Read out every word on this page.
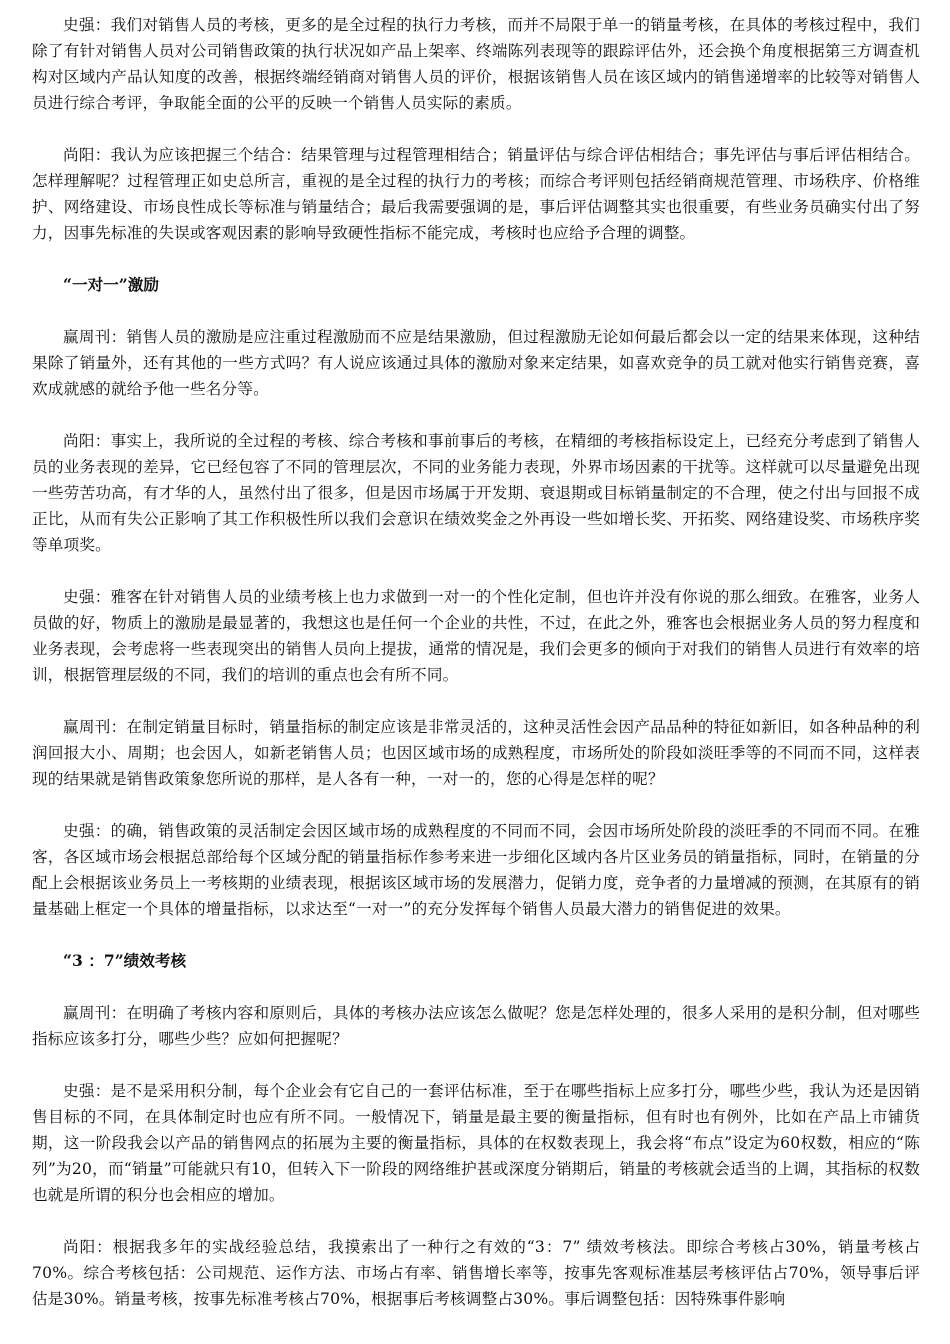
史强：我们对销售人员的考核，更多的是全过程的执行力考核，而并不局限于单一的销量考核，在具体的考核过程中，我们除了有针对销售人员对公司销售政策的执行状况如产品上架率、终端陈列表现等的跟踪评估外，还会换个角度根据第三方调查机构对区域内产品认知度的改善，根据终端经销商对销售人员的评价，根据该销售人员在该区域内的销售递增率的比较等对销售人员进行综合考评，争取能全面的公平的反映一个销售人员实际的素质。

尚阳：我认为应该把握三个结合：结果管理与过程管理相结合；销量评估与综合评估相结合；事先评估与事后评估相结合。怎样理解呢？过程管理正如史总所言，重视的是全过程的执行力的考核；而综合考评则包括经销商规范管理、市场秩序、价格维护、网络建设、市场良性成长等标准与销量结合；最后我需要强调的是，事后评估调整其实也很重要，有些业务员确实付出了努力，因事先标准的失误或客观因素的影响导致硬性指标不能完成，考核时也应给予合理的调整。

“一对一”激励

赢周刊：销售人员的激励是应注重过程激励而不应是结果激励，但过程激励无论如何最后都会以一定的结果来体现，这种结果除了销量外，还有其他的一些方式吗？有人说应该通过具体的激励对象来定结果，如喜欢竞争的员工就对他实行销售竞赛，喜欢成就感的就给予他一些名分等。

尚阳：事实上，我所说的全过程的考核、综合考核和事前事后的考核，在精细的考核指标设定上，已经充分考虑到了销售人员的业务表现的差异，它已经包容了不同的管理层次，不同的业务能力表现，外界市场因素的干扰等。这样就可以尽量避免出现一些劳苦功高，有才华的人，虽然付出了很多，但是因市场属于开发期、衰退期或目标销量制定的不合理，使之付出与回报不成正比，从而有失公正影响了其工作积极性所以我们会意识在绩效奖金之外再设一些如增长奖、开拓奖、网络建设奖、市场秩序奖等单项奖。

史强：雅客在针对销售人员的业绩考核上也力求做到一对一的个性化定制，但也许并没有你说的那么细致。在雅客，业务人员做的好，物质上的激励是最显著的，我想这也是任何一个企业的共性，不过，在此之外，雅客也会根据业务人员的努力程度和业务表现，会考虑将一些表现突出的销售人员向上提拔，通常的情况是，我们会更多的倾向于对我们的销售人员进行有效率的培训，根据管理层级的不同，我们的培训的重点也会有所不同。

赢周刊：在制定销量目标时，销量指标的制定应该是非常灵活的，这种灵活性会因产品品种的特征如新旧，如各种品种的利润回报大小、周期；也会因人，如新老销售人员；也因区域市场的成熟程度，市场所处的阶段如淡旺季等的不同而不同，这样表现的结果就是销售政策象您所说的那样，是人各有一种，一对一的，您的心得是怎样的呢？

史强：的确，销售政策的灵活制定会因区域市场的成熟程度的不同而不同，会因市场所处阶段的淡旺季的不同而不同。在雅客，各区域市场会根据总部给每个区域分配的销量指标作参考来进一步细化区域内各片区业务员的销量指标，同时，在销量的分配上会根据该业务员上一考核期的业绩表现，根据该区域市场的发展潜力，促销力度，竞争者的力量增减的预测，在其原有的销量基础上框定一个具体的增量指标，以求达至“一对一”的充分发挥每个销售人员最大潜力的销售促进的效果。

“3 ：7”绩效考核

赢周刊：在明确了考核内容和原则后，具体的考核办法应该怎么做呢？您是怎样处理的，很多人采用的是积分制，但对哪些指标应该多打分，哪些少些？应如何把握呢？

史强：是不是采用积分制，每个企业会有它自己的一套评估标准，至于在哪些指标上应多打分，哪些少些，我认为还是因销售目标的不同，在具体制定时也应有所不同。一般情况下，销量是最主要的衡量指标，但有时也有例外，比如在产品上市铺货期，这一阶段我会以产品的销售网点的拓展为主要的衡量指标，具体的在权数表现上，我会将“布点”设定为60权数，相应的“陈列”为20，而“销量”可能就只有10，但转入下一阶段的网络维护甚或深度分销期后，销量的考核就会适当的上调，其指标的权数也就是所谓的积分也会相应的增加。

尚阳：根据我多年的实战经验总结，我摸索出了一种行之有效的“3：7” 绩效考核法。即综合考核占30%，销量考核占70%。综合考核包括：公司规范、运作方法、市场占有率、销售增长率等，按事先客观标准基层考核评估占70%，领导事后评估是30%。销量考核，按事先标准考核占70%，根据事后考核调整占30%。事后调整包括：因特殊事件影响
